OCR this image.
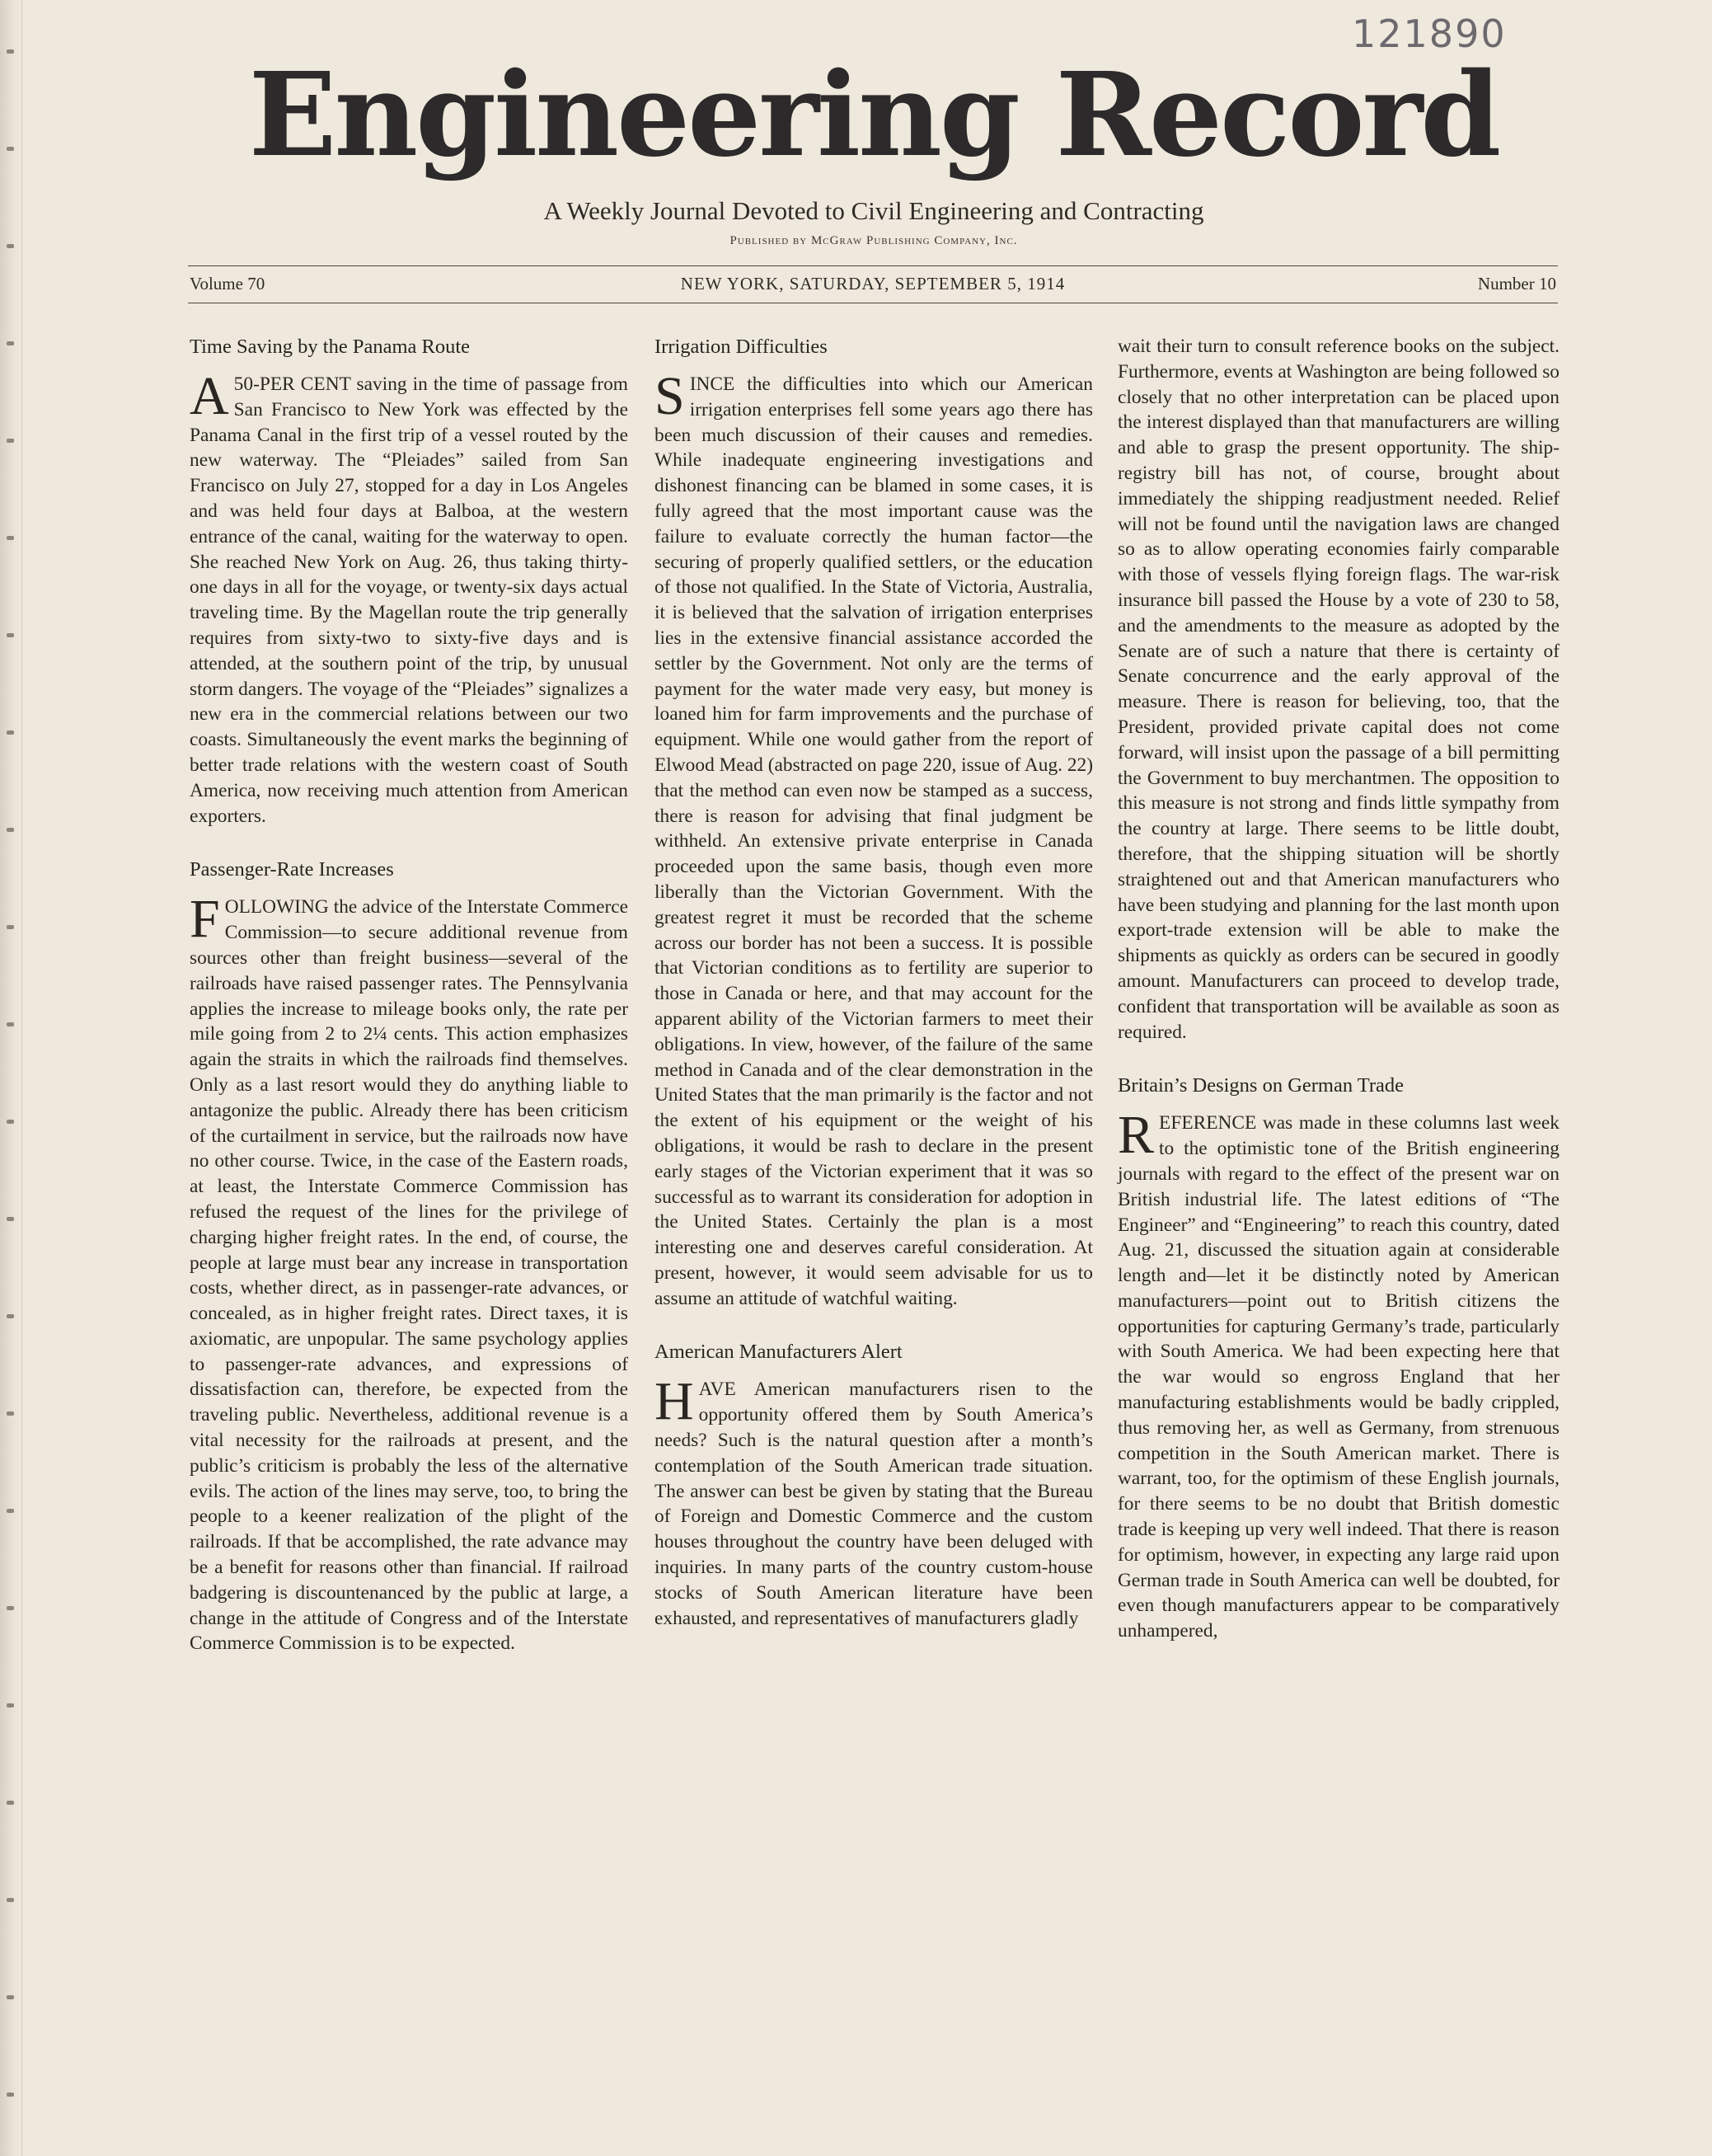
121890
Engineering Record
A Weekly Journal Devoted to Civil Engineering and Contracting
Published by McGraw Publishing Company, Inc.
Volume 70	NEW YORK, SATURDAY, SEPTEMBER 5, 1914	Number 10
Time Saving by the Panama Route

A 50-PER CENT saving in the time of passage from San Francisco to New York was effected by the Panama Canal in the first trip of a vessel routed by the new waterway. The “Pleiades” sailed from San Francisco on July 27, stopped for a day in Los Angeles and was held four days at Balboa, at the western entrance of the canal, waiting for the waterway to open. She reached New York on Aug. 26, thus taking thirty-one days in all for the voyage, or twenty-six days actual traveling time. By the Magellan route the trip generally requires from sixty-two to sixty-five days and is attended, at the southern point of the trip, by unusual storm dangers. The voyage of the “Pleiades” signalizes a new era in the commercial relations between our two coasts. Simultaneously the event marks the beginning of better trade relations with the western coast of South America, now receiving much attention from American exporters.

Passenger-Rate Increases

FOLLOWING the advice of the Interstate Commerce Commission—to secure additional revenue from sources other than freight business—several of the railroads have raised passenger rates. The Pennsylvania applies the increase to mileage books only, the rate per mile going from 2 to 2¼ cents. This action emphasizes again the straits in which the railroads find themselves. Only as a last resort would they do anything liable to antagonize the public. Already there has been criticism of the curtailment in service, but the railroads now have no other course. Twice, in the case of the Eastern roads, at least, the Interstate Commerce Commission has refused the request of the lines for the privilege of charging higher freight rates. In the end, of course, the people at large must bear any increase in transportation costs, whether direct, as in passenger-rate advances, or concealed, as in higher freight rates. Direct taxes, it is axiomatic, are unpopular. The same psychology applies to passenger-rate advances, and expressions of dissatisfaction can, therefore, be expected from the traveling public. Nevertheless, additional revenue is a vital necessity for the railroads at present, and the public’s criticism is probably the less of the alternative evils. The action of the lines may serve, too, to bring the people to a keener realization of the plight of the railroads. If that be accomplished, the rate advance may be a benefit for reasons other than financial. If railroad badgering is discountenanced by the public at large, a change in the attitude of Congress and of the Interstate Commerce Commission is to be expected.

Irrigation Difficulties

SINCE the difficulties into which our American irrigation enterprises fell some years ago there has been much discussion of their causes and remedies. While inadequate engineering investigations and dishonest financing can be blamed in some cases, it is fully agreed that the most important cause was the failure to evaluate correctly the human factor—the securing of properly qualified settlers, or the education of those not qualified. In the State of Victoria, Australia, it is believed that the salvation of irrigation enterprises lies in the extensive financial assistance accorded the settler by the Government. Not only are the terms of payment for the water made very easy, but money is loaned him for farm improvements and the purchase of equipment. While one would gather from the report of Elwood Mead (abstracted on page 220, issue of Aug. 22) that the method can even now be stamped as a success, there is reason for advising that final judgment be withheld. An extensive private enterprise in Canada proceeded upon the same basis, though even more liberally than the Victorian Government. With the greatest regret it must be recorded that the scheme across our border has not been a success. It is possible that Victorian conditions as to fertility are superior to those in Canada or here, and that may account for the apparent ability of the Victorian farmers to meet their obligations. In view, however, of the failure of the same method in Canada and of the clear demonstration in the United States that the man primarily is the factor and not the extent of his equipment or the weight of his obligations, it would be rash to declare in the present early stages of the Victorian experiment that it was so successful as to warrant its consideration for adoption in the United States. Certainly the plan is a most interesting one and deserves careful consideration. At present, however, it would seem advisable for us to assume an attitude of watchful waiting.

American Manufacturers Alert

HAVE American manufacturers risen to the opportunity offered them by South America’s needs? Such is the natural question after a month’s contemplation of the South American trade situation. The answer can best be given by stating that the Bureau of Foreign and Domestic Commerce and the custom houses throughout the country have been deluged with inquiries. In many parts of the country custom-house stocks of South American literature have been exhausted, and representatives of manufacturers gladly

wait their turn to consult reference books on the subject. Furthermore, events at Washington are being followed so closely that no other interpretation can be placed upon the interest displayed than that manufacturers are willing and able to grasp the present opportunity. The ship-registry bill has not, of course, brought about immediately the shipping readjustment needed. Relief will not be found until the navigation laws are changed so as to allow operating economies fairly comparable with those of vessels flying foreign flags. The war-risk insurance bill passed the House by a vote of 230 to 58, and the amendments to the measure as adopted by the Senate are of such a nature that there is certainty of Senate concurrence and the early approval of the measure. There is reason for believing, too, that the President, provided private capital does not come forward, will insist upon the passage of a bill permitting the Government to buy merchantmen. The opposition to this measure is not strong and finds little sympathy from the country at large. There seems to be little doubt, therefore, that the shipping situation will be shortly straightened out and that American manufacturers who have been studying and planning for the last month upon export-trade extension will be able to make the shipments as quickly as orders can be secured in goodly amount. Manufacturers can proceed to develop trade, confident that transportation will be available as soon as required.

Britain’s Designs on German Trade

REFERENCE was made in these columns last week to the optimistic tone of the British engineering journals with regard to the effect of the present war on British industrial life. The latest editions of “The Engineer” and “Engineering” to reach this country, dated Aug. 21, discussed the situation again at considerable length and—let it be distinctly noted by American manufacturers—point out to British citizens the opportunities for capturing Germany’s trade, particularly with South America. We had been expecting here that the war would so engross England that her manufacturing establishments would be badly crippled, thus removing her, as well as Germany, from strenuous competition in the South American market. There is warrant, too, for the optimism of these English journals, for there seems to be no doubt that British domestic trade is keeping up very well indeed. That there is reason for optimism, however, in expecting any large raid upon German trade in South America can well be doubted, for even though manufacturers appear to be comparatively unhampered,
